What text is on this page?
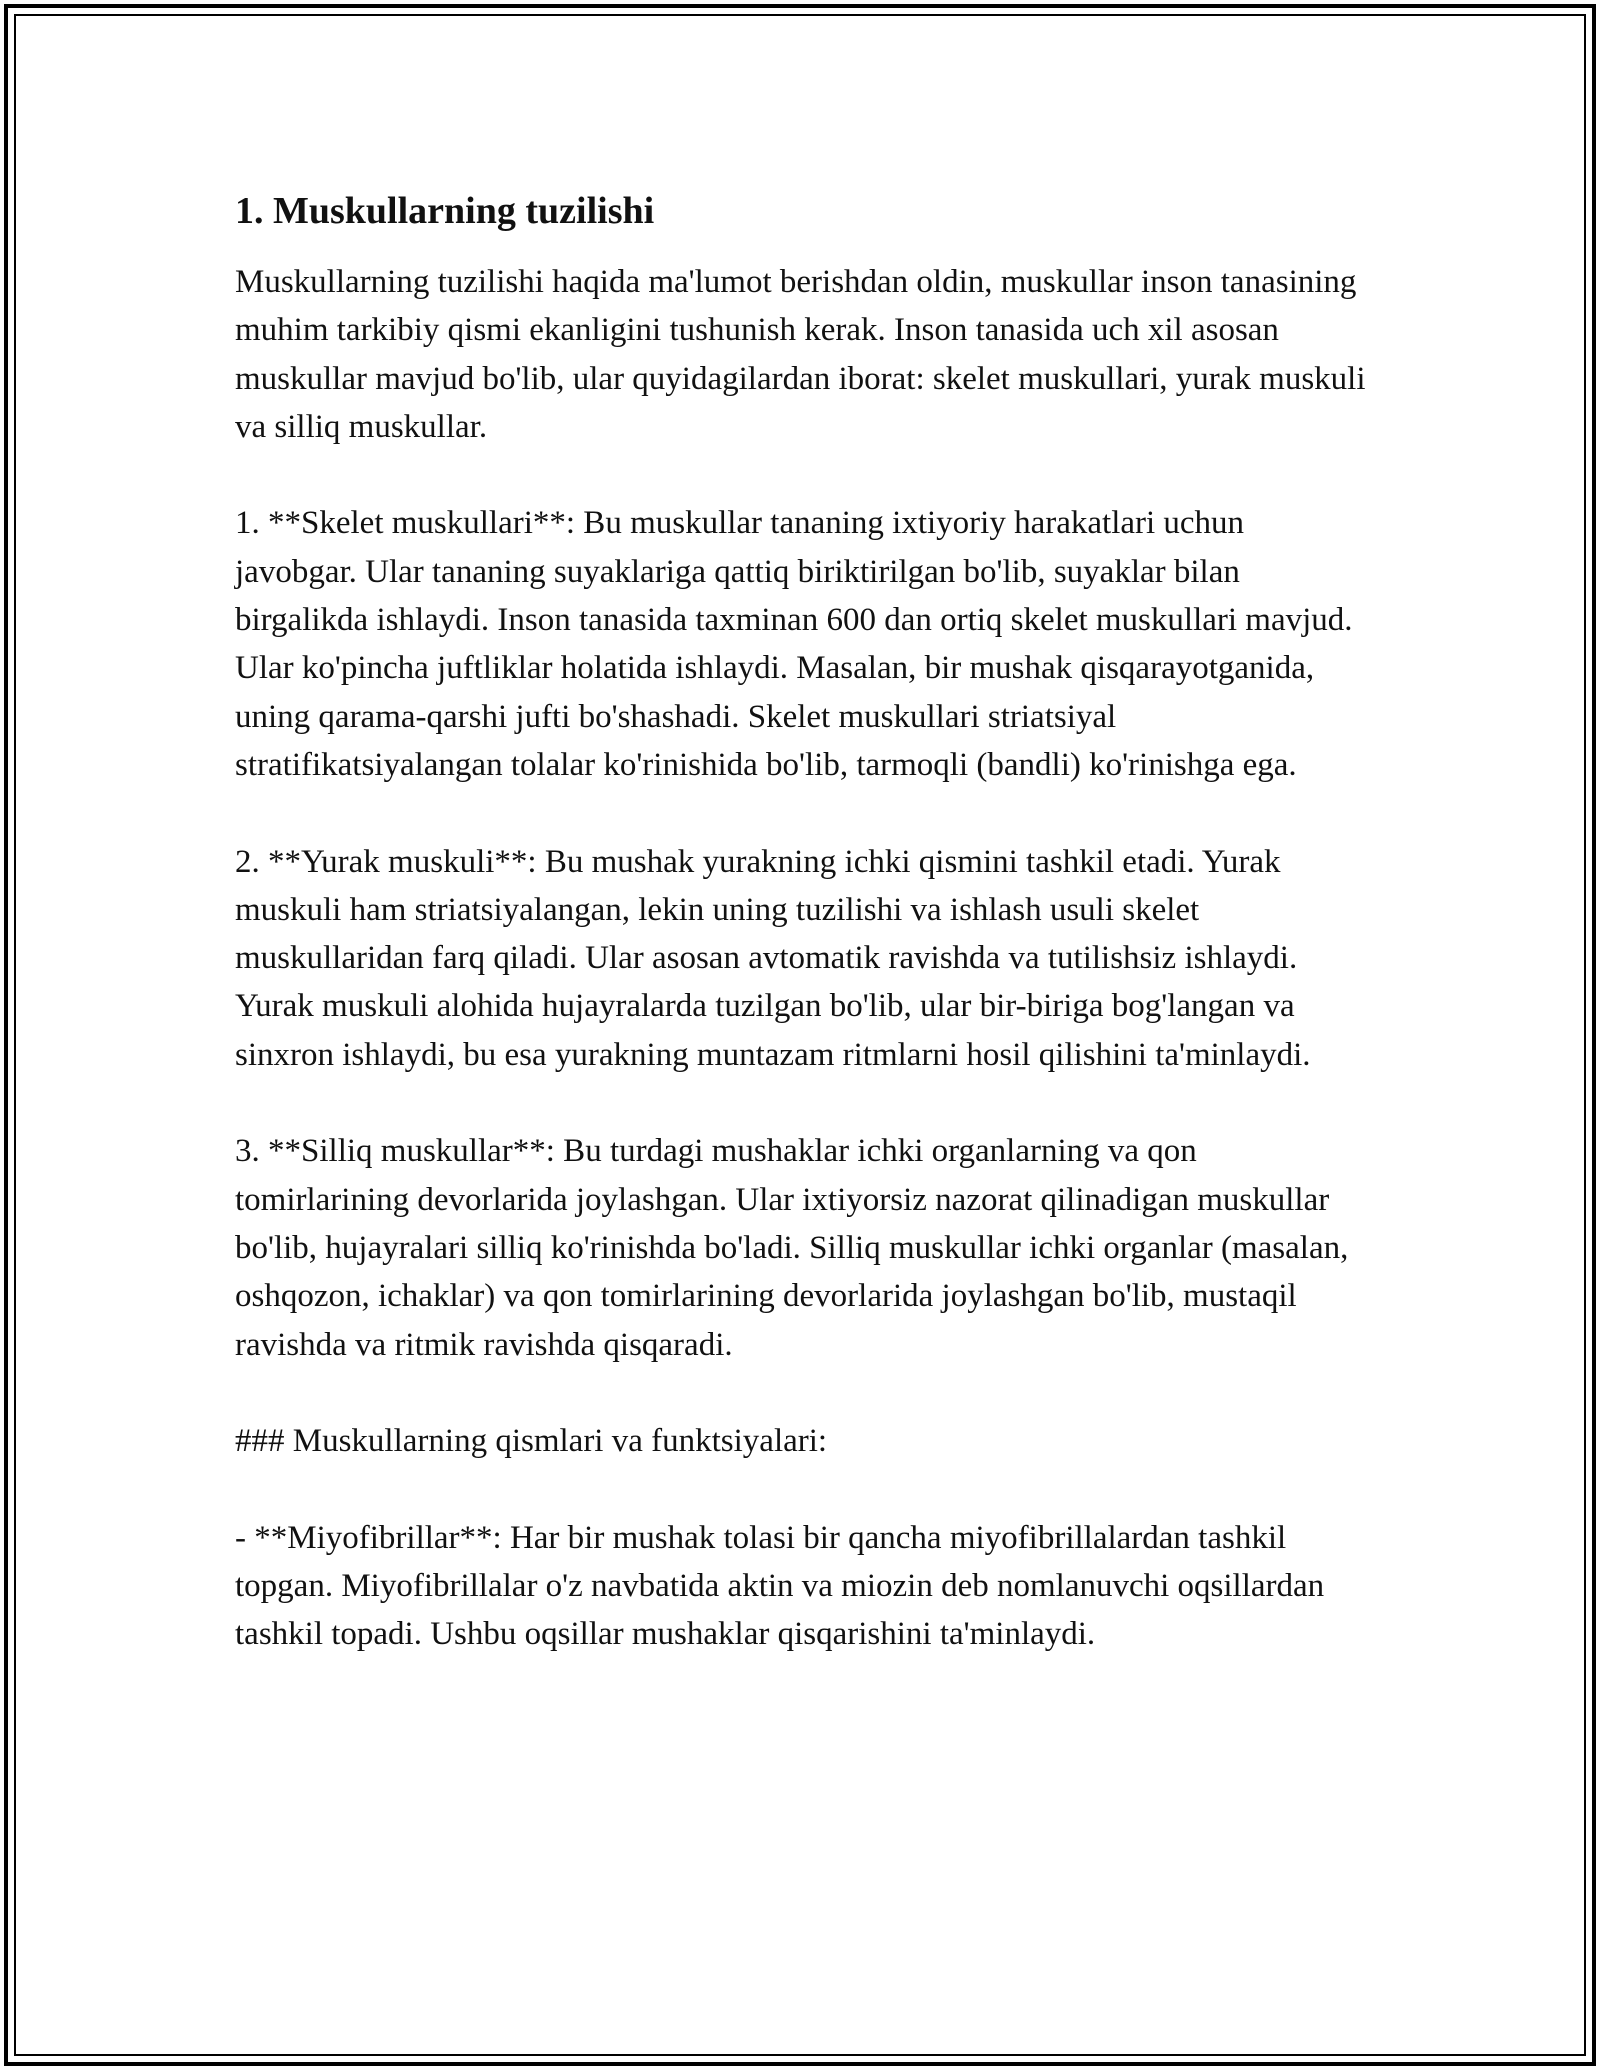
1. Muskullarning tuzilishi

Muskullarning tuzilishi haqida ma'lumot berishdan oldin, muskullar inson tanasining muhim tarkibiy qismi ekanligini tushunish kerak. Inson tanasida uch xil asosan muskullar mavjud bo'lib, ular quyidagilardan iborat: skelet muskullari, yurak muskuli va silliq muskullar.

1. **Skelet muskullari**: Bu muskullar tananing ixtiyoriy harakatlari uchun javobgar. Ular tananing suyaklariga qattiq biriktirilgan bo'lib, suyaklar bilan birgalikda ishlaydi. Inson tanasida taxminan 600 dan ortiq skelet muskullari mavjud. Ular ko'pincha juftliklar holatida ishlaydi. Masalan, bir mushak qisqarayotganida, uning qarama-qarshi jufti bo'shashadi. Skelet muskullari striatsiyal stratifikatsiyalangan tolalar ko'rinishida bo'lib, tarmoqli (bandli) ko'rinishga ega.

2. **Yurak muskuli**: Bu mushak yurakning ichki qismini tashkil etadi. Yurak muskuli ham striatsiyalangan, lekin uning tuzilishi va ishlash usuli skelet muskullaridan farq qiladi. Ular asosan avtomatik ravishda va tutilishsiz ishlaydi. Yurak muskuli alohida hujayralarda tuzilgan bo'lib, ular bir-biriga bog'langan va sinxron ishlaydi, bu esa yurakning muntazam ritmlarni hosil qilishini ta'minlaydi.

3. **Silliq muskullar**: Bu turdagi mushaklar ichki organlarning va qon tomirlarining devorlarida joylashgan. Ular ixtiyorsiz nazorat qilinadigan muskullar bo'lib, hujayralari silliq ko'rinishda bo'ladi. Silliq muskullar ichki organlar (masalan, oshqozon, ichaklar) va qon tomirlarining devorlarida joylashgan bo'lib, mustaqil ravishda va ritmik ravishda qisqaradi.

### Muskullarning qismlari va funktsiyalari:

- **Miyofibrillar**: Har bir mushak tolasi bir qancha miyofibrillalardan tashkil topgan. Miyofibrillalar o'z navbatida aktin va miozin deb nomlanuvchi oqsillardan tashkil topadi. Ushbu oqsillar mushaklar qisqarishini ta'minlaydi.
